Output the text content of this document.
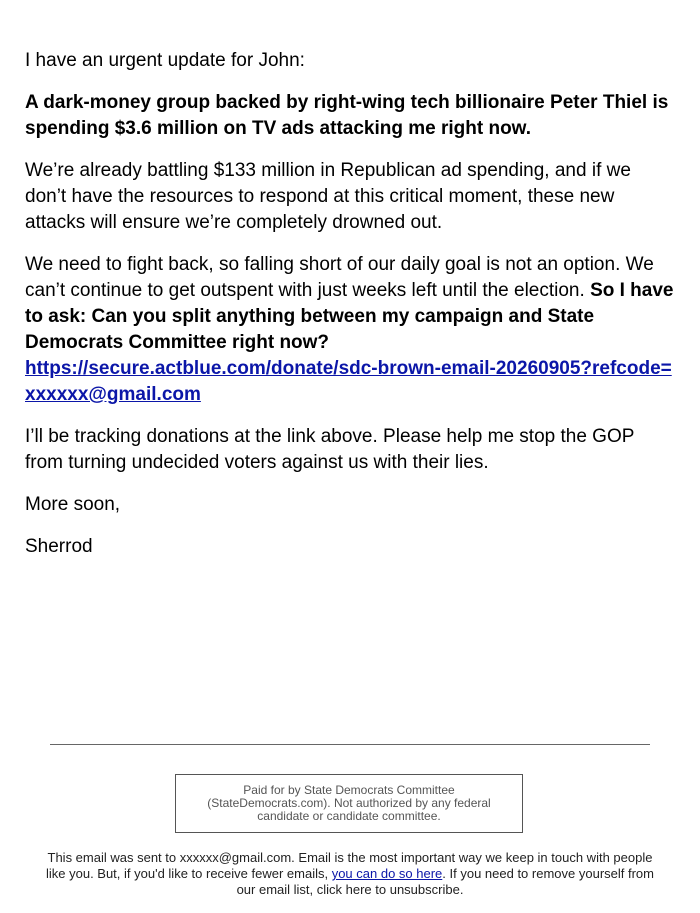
I have an urgent update for John:

A dark-money group backed by right-wing tech billionaire Peter Thiel is spending $3.6 million on TV ads attacking me right now.

We’re already battling $133 million in Republican ad spending, and if we don’t have the resources to respond at this critical moment, these new attacks will ensure we’re completely drowned out.

We need to fight back, so falling short of our daily goal is not an option. We can’t continue to get outspent with just weeks left until the election. So I have to ask: Can you split anything between my campaign and State Democrats Committee right now?
https://secure.actblue.com/donate/sdc-brown-email-20260905?refcode=xxxxxx@gmail.com

I’ll be tracking donations at the link above. Please help me stop the GOP from turning undecided voters against us with their lies.

More soon,

Sherrod

Paid for by State Democrats Committee (StateDemocrats.com). Not authorized by any federal candidate or candidate committee.
This email was sent to xxxxxx@gmail.com. Email is the most important way we keep in touch with people like you. But, if you'd like to receive fewer emails, you can do so here. If you need to remove yourself from our email list, click here to unsubscribe.
